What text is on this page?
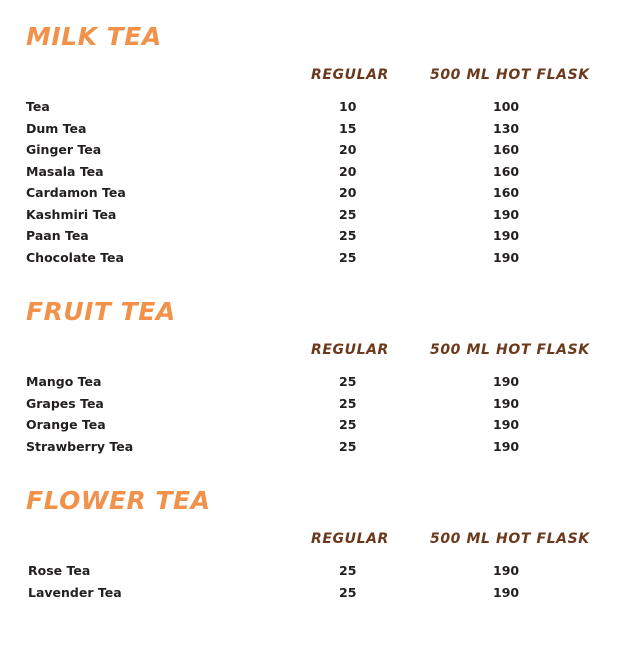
MILK TEA
REGULAR	500 ML HOT FLASK
Tea	10	100
Dum Tea	15	130
Ginger Tea	20	160
Masala Tea	20	160
Cardamon Tea	20	160
Kashmiri Tea	25	190
Paan Tea	25	190
Chocolate Tea	25	190
FRUIT TEA
REGULAR	500 ML HOT FLASK
Mango Tea	25	190
Grapes Tea	25	190
Orange Tea	25	190
Strawberry Tea	25	190
FLOWER TEA
REGULAR	500 ML HOT FLASK
Rose Tea	25	190
Lavender Tea	25	190
